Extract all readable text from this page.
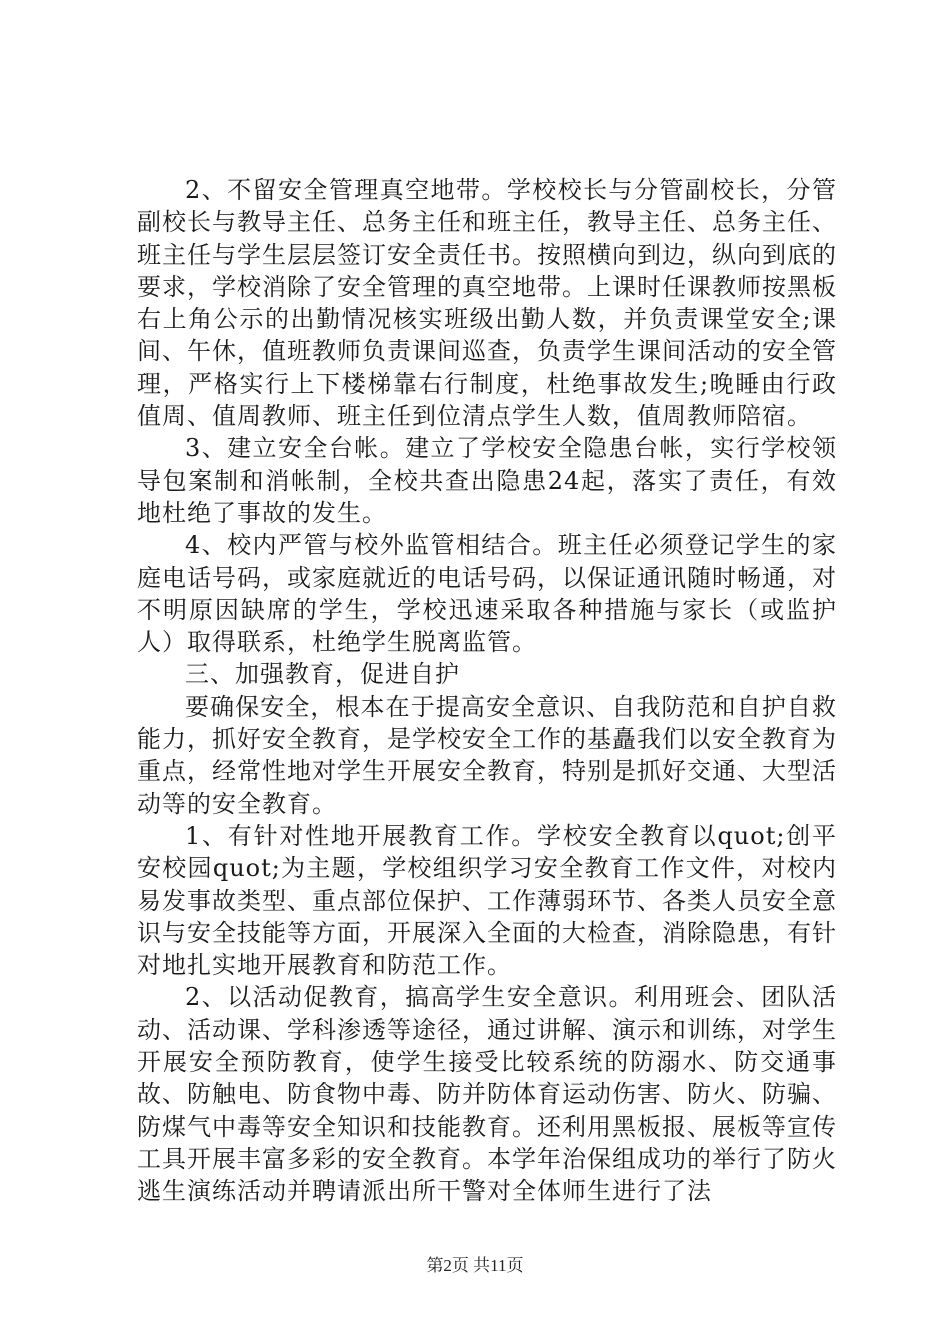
2、不留安全管理真空地带。学校校长与分管副校长，分管副校长与教导主任、总务主任和班主任，教导主任、总务主任、班主任与学生层层签订安全责任书。按照横向到边，纵向到底的要求，学校消除了安全管理的真空地带。上课时任课教师按黑板右上角公示的出勤情况核实班级出勤人数，并负责课堂安全;课间、午休，值班教师负责课间巡查，负责学生课间活动的安全管理，严格实行上下楼梯靠右行制度，杜绝事故发生;晚睡由行政值周、值周教师、班主任到位清点学生人数，值周教师陪宿。

3、建立安全台帐。建立了学校安全隐患台帐，实行学校领导包案制和消帐制，全校共查出隐患24起，落实了责任，有效地杜绝了事故的发生。

4、校内严管与校外监管相结合。班主任必须登记学生的家庭电话号码，或家庭就近的电话号码，以保证通讯随时畅通，对不明原因缺席的学生，学校迅速采取各种措施与家长（或监护人）取得联系，杜绝学生脱离监管。

三、加强教育，促进自护

要确保安全，根本在于提高安全意识、自我防范和自护自救能力，抓好安全教育，是学校安全工作的基矗我们以安全教育为重点，经常性地对学生开展安全教育，特别是抓好交通、大型活动等的安全教育。

1、有针对性地开展教育工作。学校安全教育以quot;创平安校园quot;为主题，学校组织学习安全教育工作文件，对校内易发事故类型、重点部位保护、工作薄弱环节、各类人员安全意识与安全技能等方面，开展深入全面的大检查，消除隐患，有针对地扎实地开展教育和防范工作。

2、以活动促教育，搞高学生安全意识。利用班会、团队活动、活动课、学科渗透等途径，通过讲解、演示和训练，对学生开展安全预防教育，使学生接受比较系统的防溺水、防交通事故、防触电、防食物中毒、防并防体育运动伤害、防火、防骗、防煤气中毒等安全知识和技能教育。还利用黑板报、展板等宣传工具开展丰富多彩的安全教育。本学年治保组成功的举行了防火逃生演练活动并聘请派出所干警对全体师生进行了法

第2页 共11页
